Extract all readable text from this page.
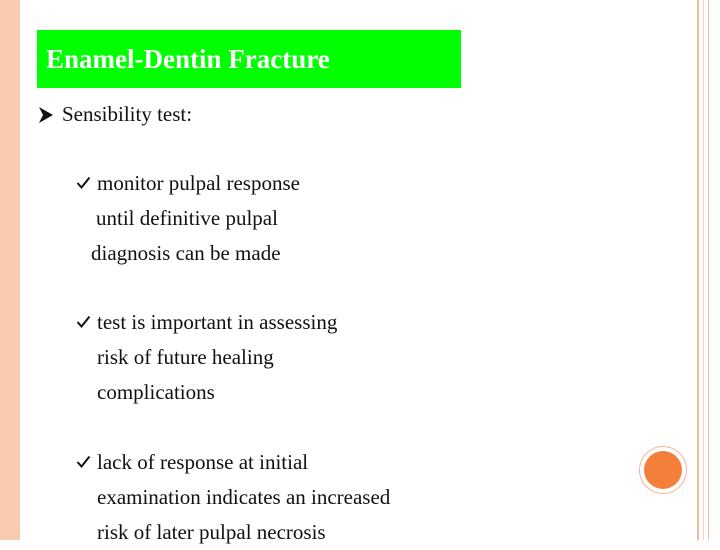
Enamel-Dentin Fracture
Sensibility test:
monitor pulpal response
until definitive pulpal
diagnosis can be made
test is important in assessing
risk of future healing
complications
lack of response at initial
examination indicates an increased
risk of later pulpal necrosis
